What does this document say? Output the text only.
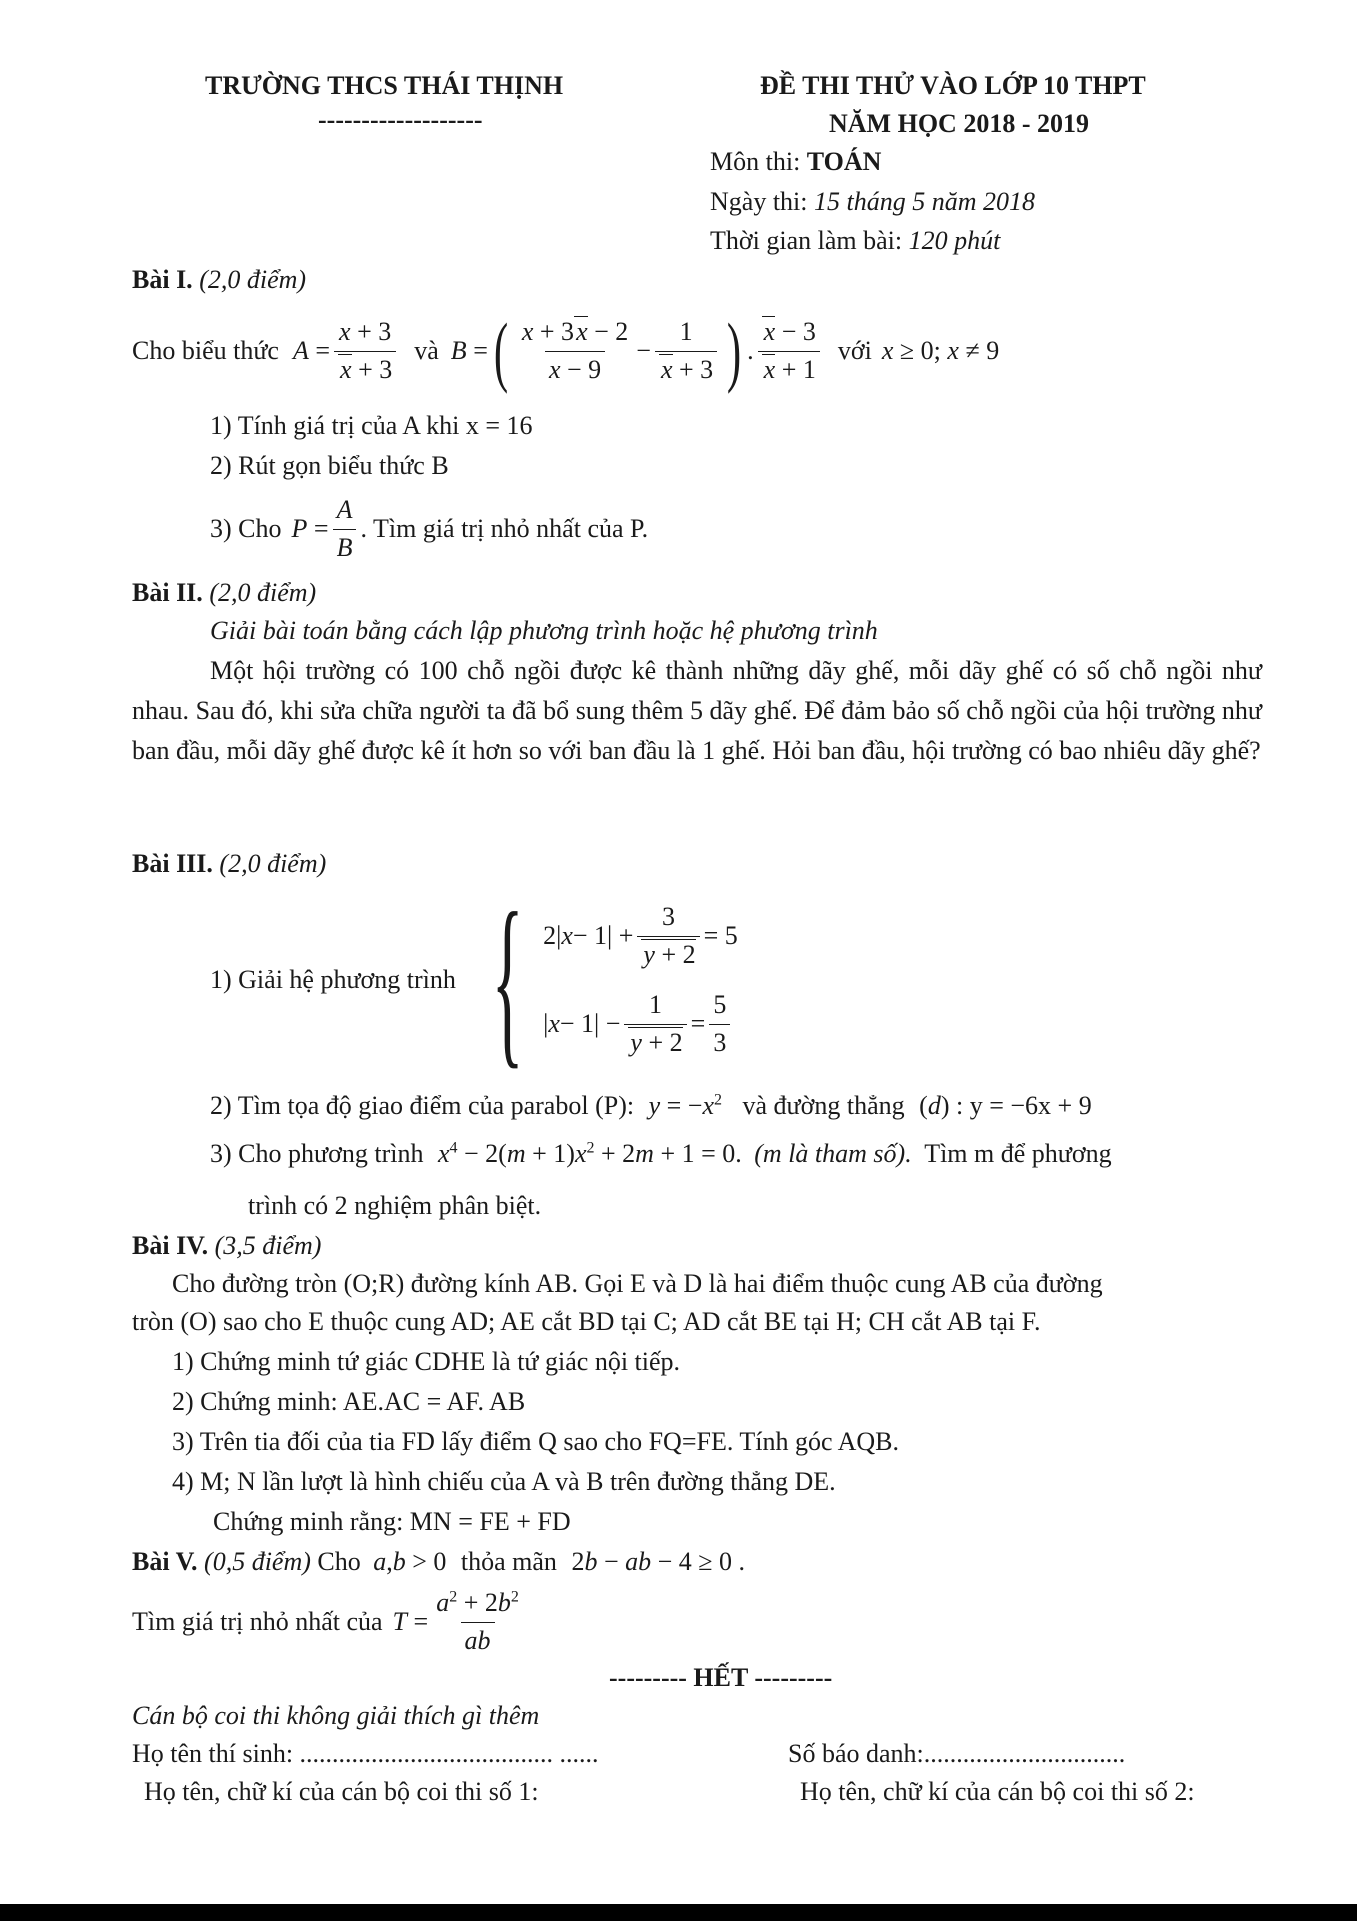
TRƯỜNG THCS THÁI THỊNH
-------------------
ĐỀ THI THỬ VÀO LỚP 10 THPT
NĂM HỌC 2018 - 2019
Môn thi: TOÁN
Ngày thi: 15 tháng 5 năm 2018
Thời gian làm bài: 120 phút
Bài I. (2,0 điểm)
Cho biểu thức $A = \frac{x + 3}{x + 3}$ và B = ( $\frac{x + 3x - 2}{x - 9} - \frac{1}{x + 3}$ ) . $\frac{x - 3}{x + 1}$ với x ≥ 0; x ≠ 9
1) Tính giá trị của A khi x = 16
2) Rút gọn biểu thức B
3) Cho $P = \frac{A}{B}$ . Tìm giá trị nhỏ nhất của P.
Bài II. (2,0 điểm)
Giải bài toán bằng cách lập phương trình hoặc hệ phương trình
Một hội trường có 100 chỗ ngồi được kê thành những dãy ghế, mỗi dãy ghế có số chỗ ngồi như nhau. Sau đó, khi sửa chữa người ta đã bổ sung thêm 5 dãy ghế. Để đảm bảo số chỗ ngồi của hội trường như ban đầu, mỗi dãy ghế được kê ít hơn so với ban đầu là 1 ghế. Hỏi ban đầu, hội trường có bao nhiêu dãy ghế?
Bài III. (2,0 điểm)
1) Giải hệ phương trình { 2| $x - 1| + \frac{3}{y + 2} = 5$
| $x - 1| - \frac{1}{y + 2} = \frac{5}{3}$
2) Tìm tọa độ giao điểm của parabol (P): $y = -x^2$ và đường thẳng (d) : y = −6x + 9
3) Cho phương trình $x^4 - 2(m + 1)x^2 + 2m + 1 = 0$. (m là tham số). Tìm m để phương
trình có 2 nghiệm phân biệt.
Bài IV. (3,5 điểm)
Cho đường tròn (O;R) đường kính AB. Gọi E và D là hai điểm thuộc cung AB của đường
tròn (O) sao cho E thuộc cung AD; AE cắt BD tại C; AD cắt BE tại H; CH cắt AB tại F.
1) Chứng minh tứ giác CDHE là tứ giác nội tiếp.
2) Chứng minh: AE.AC = AF. AB
3) Trên tia đối của tia FD lấy điểm Q sao cho FQ=FE. Tính góc AQB.
4) M; N lần lượt là hình chiếu của A và B trên đường thẳng DE.
Chứng minh rằng: MN = FE + FD
Bài V. (0,5 điểm) Cho a,b > 0 thỏa mãn 2b − ab − 4 ≥ 0 .
Tìm giá trị nhỏ nhất của $T = \frac{a^2 + 2b^2}{ab}$
--------- HẾT ---------
Cán bộ coi thi không giải thích gì thêm
Họ tên thí sinh: ....................................... ......	Số báo danh:...............................
Họ tên, chữ kí của cán bộ coi thi số 1:	Họ tên, chữ kí của cán bộ coi thi số 2:
